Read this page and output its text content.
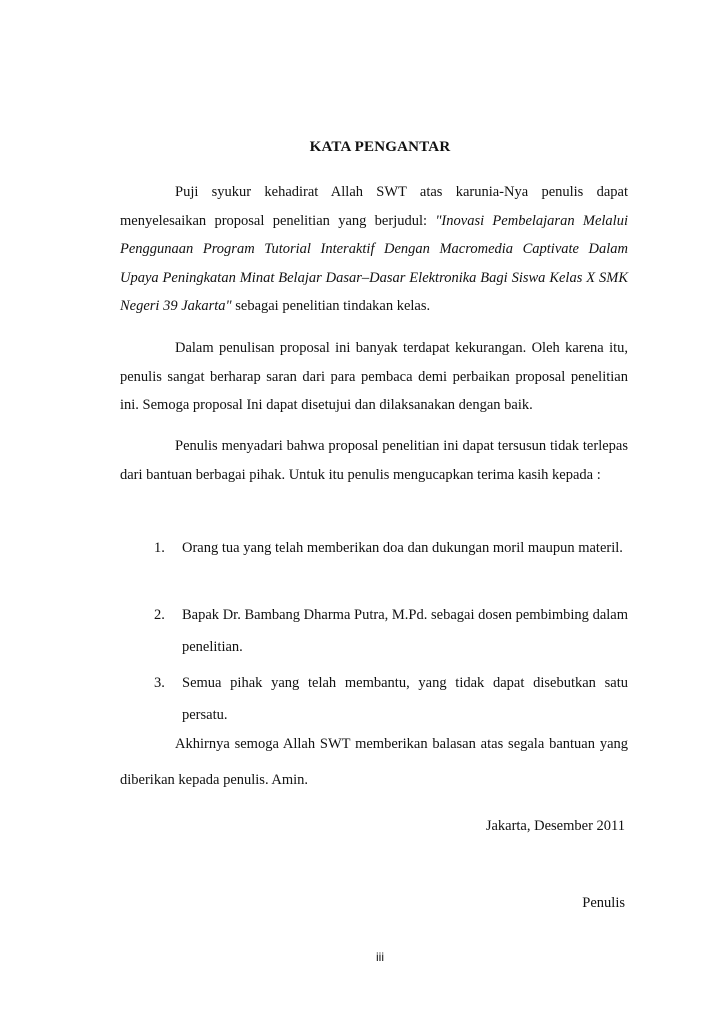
KATA PENGANTAR

Puji syukur kehadirat Allah SWT atas karunia-Nya penulis dapat menyelesaikan proposal penelitian yang berjudul: "Inovasi Pembelajaran Melalui Penggunaan Program Tutorial Interaktif Dengan Macromedia Captivate Dalam Upaya Peningkatan Minat Belajar Dasar–Dasar Elektronika Bagi Siswa Kelas X SMK Negeri 39 Jakarta" sebagai penelitian tindakan kelas.

Dalam penulisan proposal ini banyak terdapat kekurangan. Oleh karena itu, penulis sangat berharap saran dari para pembaca demi perbaikan proposal penelitian ini. Semoga proposal Ini dapat disetujui dan dilaksanakan dengan baik.

Penulis menyadari bahwa proposal penelitian ini dapat tersusun tidak terlepas dari bantuan berbagai pihak. Untuk itu penulis mengucapkan terima kasih kepada :

1. Orang tua yang telah memberikan doa dan dukungan moril maupun materil.
2. Bapak Dr. Bambang Dharma Putra, M.Pd. sebagai dosen pembimbing dalam penelitian.
3. Semua pihak yang telah membantu, yang tidak dapat disebutkan satu persatu.

Akhirnya semoga Allah SWT memberikan balasan atas segala bantuan yang diberikan kepada penulis. Amin.

Jakarta, Desember 2011
Penulis
iii
